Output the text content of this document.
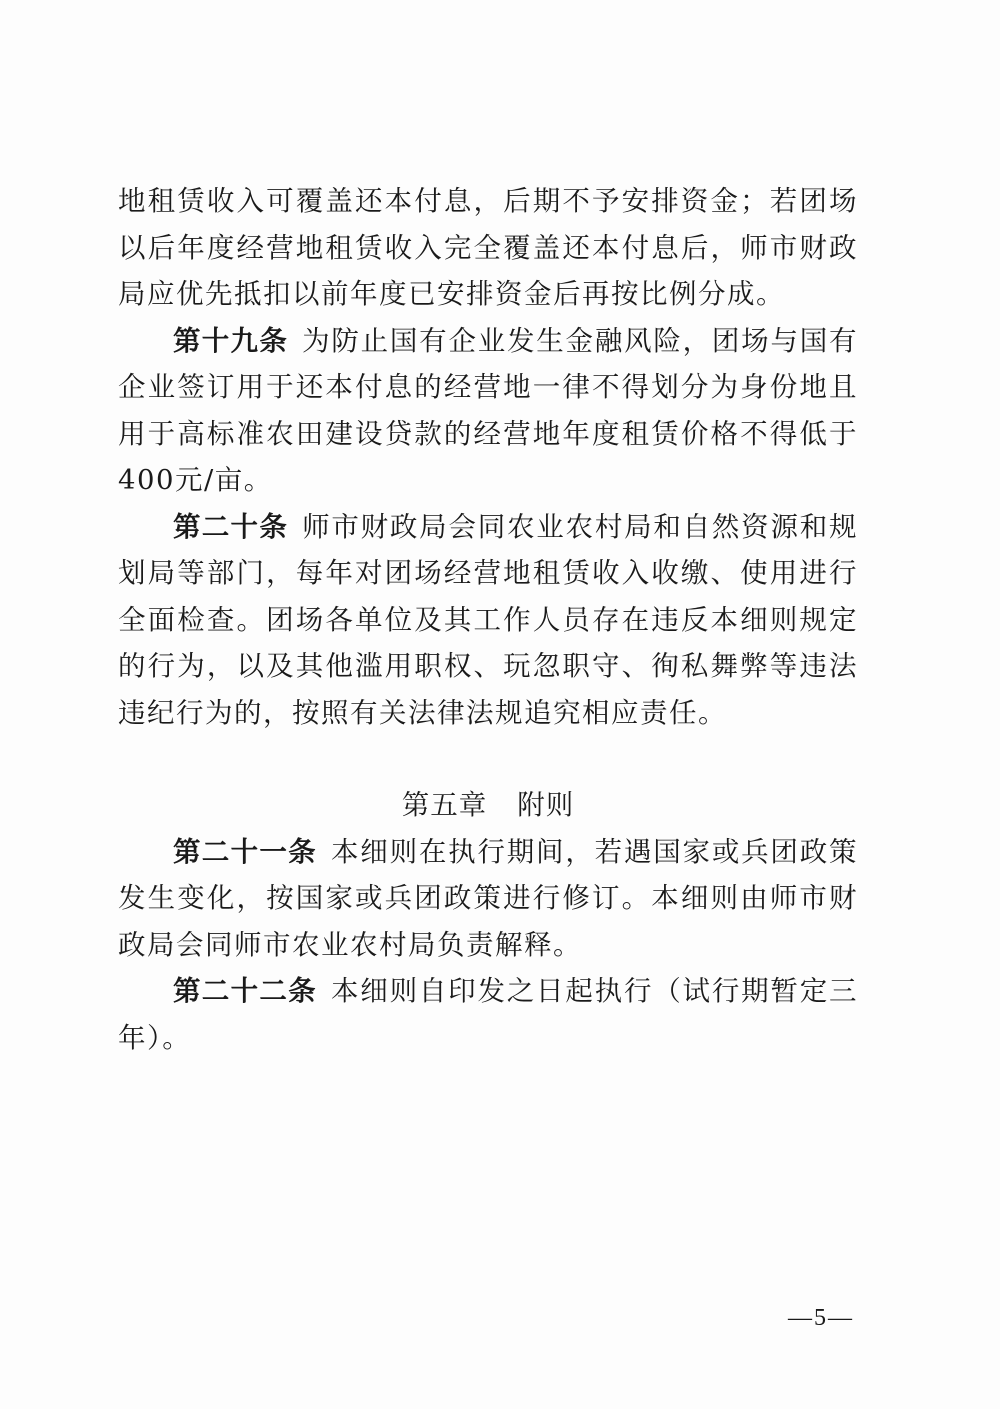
地租赁收入可覆盖还本付息，后期不予安排资金；若团场以后年度经营地租赁收入完全覆盖还本付息后，师市财政局应优先抵扣以前年度已安排资金后再按比例分成。

第十九条 为防止国有企业发生金融风险，团场与国有企业签订用于还本付息的经营地一律不得划分为身份地且用于高标准农田建设贷款的经营地年度租赁价格不得低于400元/亩。

第二十条 师市财政局会同农业农村局和自然资源和规划局等部门，每年对团场经营地租赁收入收缴、使用进行全面检查。团场各单位及其工作人员存在违反本细则规定的行为，以及其他滥用职权、玩忽职守、徇私舞弊等违法违纪行为的，按照有关法律法规追究相应责任。

第五章 附则

第二十一条 本细则在执行期间，若遇国家或兵团政策发生变化，按国家或兵团政策进行修订。本细则由师市财政局会同师市农业农村局负责解释。

第二十二条 本细则自印发之日起执行（试行期暂定三年）。

—5—
